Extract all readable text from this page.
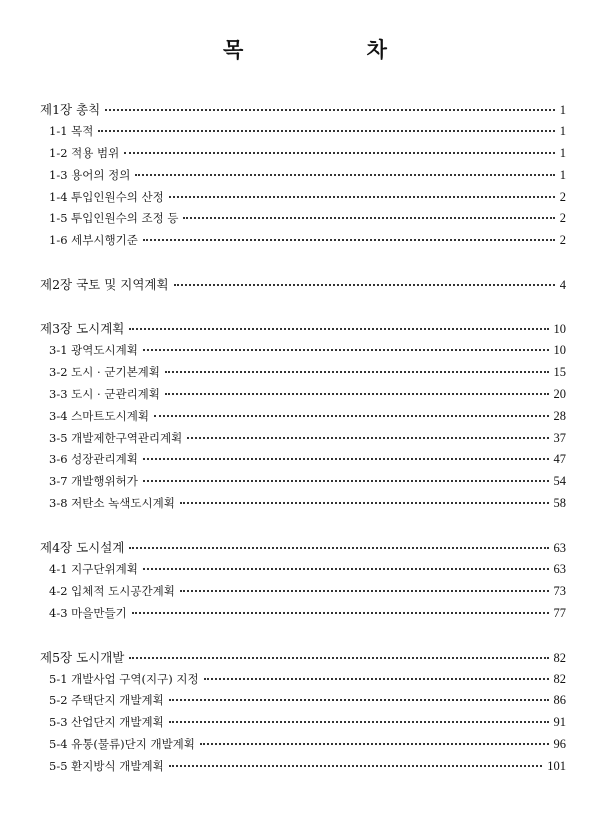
목 차
제1장 총칙	1
1-1 목적	1
1-2 적용 범위	1
1-3 용어의 정의	1
1-4 투입인원수의 산정	2
1-5 투입인원수의 조정 등	2
1-6 세부시행기준	2
제2장 국토 및 지역계획	4
제3장 도시계획	10
3-1 광역도시계획	10
3-2 도시 · 군기본계획	15
3-3 도시 · 군관리계획	20
3-4 스마트도시계획	28
3-5 개발제한구역관리계획	37
3-6 성장관리계획	47
3-7 개발행위허가	54
3-8 저탄소 녹색도시계획	58
제4장 도시설계	63
4-1 지구단위계획	63
4-2 입체적 도시공간계획	73
4-3 마을만들기	77
제5장 도시개발	82
5-1 개발사업 구역(지구) 지정	82
5-2 주택단지 개발계획	86
5-3 산업단지 개발계획	91
5-4 유통(물류)단지 개발계획	96
5-5 환지방식 개발계획	101
